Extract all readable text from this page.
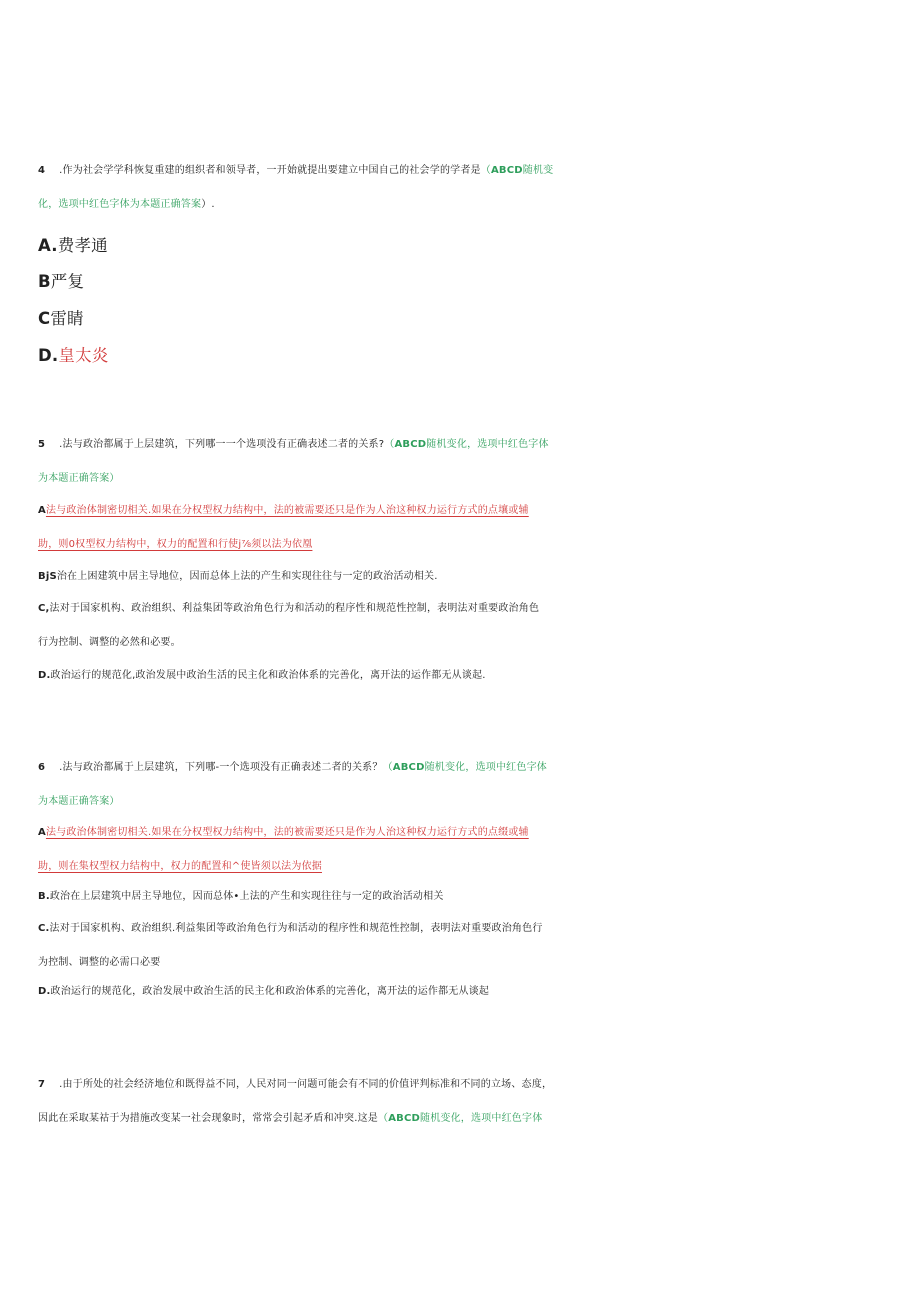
4 .作为社会学学科恢复重建的组织者和领导者，一开始就提出要建立中国自己的社会学的学者是（ABCD随机变
化，选项中红色字体为本题正确答案）.
A.费孝通
B严复
C雷睛
D.皇太炎
5 .法与政治都属于上层建筑，下列哪一一个选项没有正确表述二者的关系?（ABCD随机变化，选项中红色字体
为本题正确答案）
A法与政治体制密切相关.如果在分权型权力结构中，法的被需要还只是作为人治这种权力运行方式的点壤或辅
助，则0权型权力结构中，权力的配置和行使j⅞须以法为依凰
BjS治在上困建筑中居主导地位，因而总体上法的产生和实现往往与一定的政治活动相关.
C,法对于国家机构、政治组织、利益集团等政治角色行为和活动的程序性和规范性控制，表明法对重要政治角色
行为控制、调整的必然和必要。
D.政治运行的规范化,政治发展中政治生活的民主化和政治体系的完善化，离开法的运作都无从谈起.
6 .法与政治都属于上层建筑，下列哪-一个选项没有正确表述二者的关系？（ABCD随机变化，选项中红色字体
为本题正确答案）
A法与政治体制密切相关.如果在分权型权力结构中，法的被需要还只是作为人治这种权力运行方式的点缀或辅
助，则在集权型权力结构中，权力的配置和^使皆须以法为依据
B.政治在上层建筑中居主导地位，因而总体•上法的产生和实现往往与一定的政治活动相关
C.法对于国家机构、政治组织.利益集团等政治角色行为和活动的程序性和规范性控制，表明法对重要政治角色行
为控制、调整的必需口必要
D.政治运行的规范化，政治发展中政治生活的民主化和政治体系的完善化，离开法的运作都无从谈起
7 .由于所处的社会经济地位和既得益不同，人民对同一问题可能会有不同的价值评判标准和不同的立场、态度，
因此在采取某祜于为措施改变某一社会现象时，常常会引起矛盾和冲突.这是（ABCD随机变化，选项中红色字体
